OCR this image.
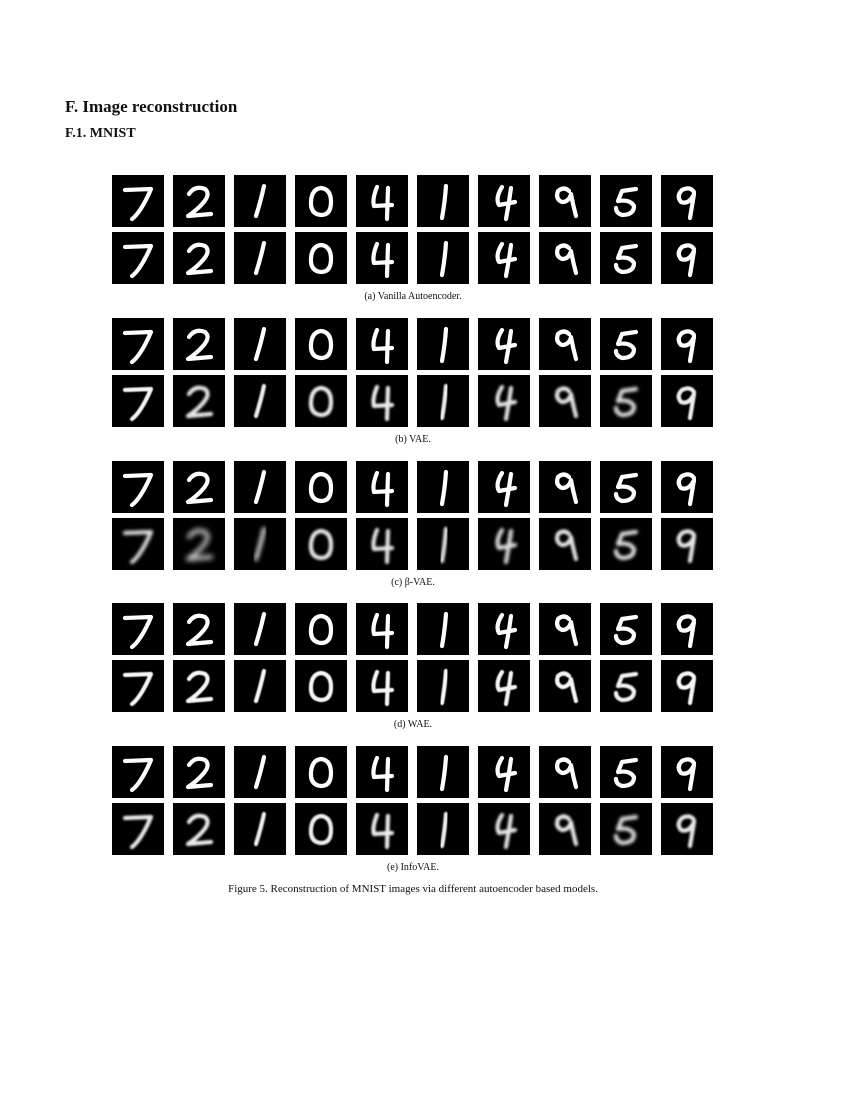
F. Image reconstruction
F.1. MNIST
(a) Vanilla Autoencoder.
(b) VAE.
(c) β-VAE.
(d) WAE.
(e) InfoVAE.
Figure 5. Reconstruction of MNIST images via different autoencoder based models.
